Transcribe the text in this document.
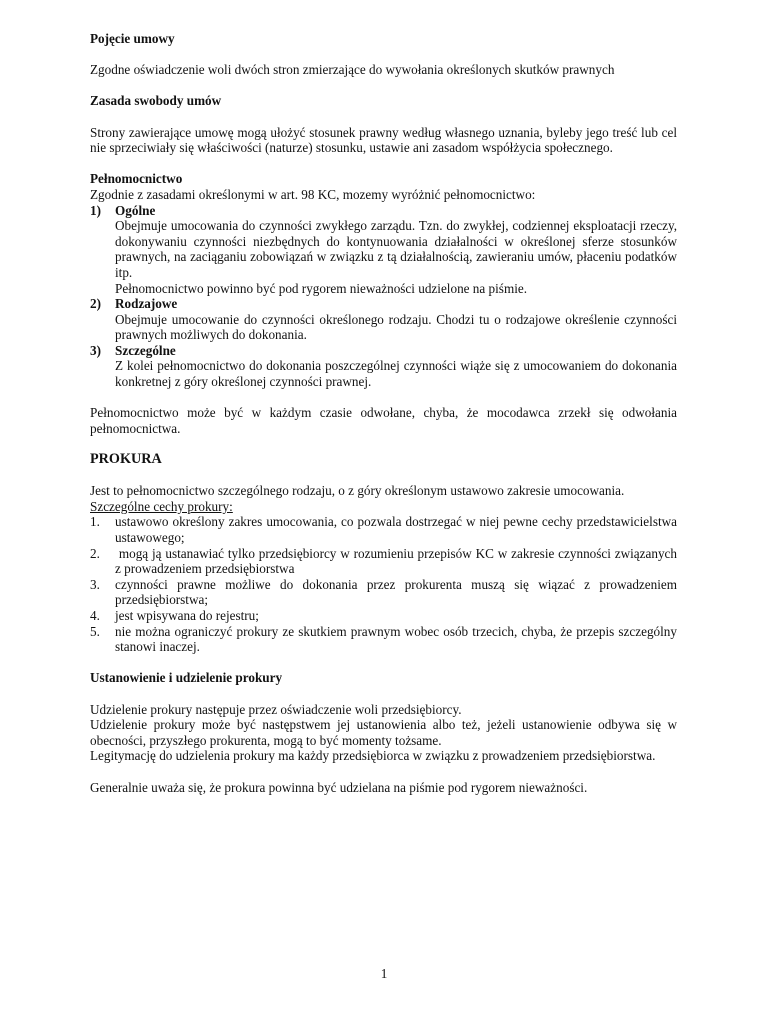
Pojęcie umowy

Zgodne oświadczenie woli dwóch stron zmierzające do wywołania określonych skutków prawnych

Zasada swobody umów

Strony zawierające umowę mogą ułożyć stosunek prawny według własnego uznania, byleby jego treść lub cel nie sprzeciwiały się właściwości (naturze) stosunku, ustawie ani zasadom współżycia społecznego.

Pełnomocnictwo

Zgodnie z zasadami określonymi w art. 98 KC, mozemy wyróżnić pełnomocnictwo:

1)	Ogólne

Obejmuje umocowania do czynności zwykłego zarządu. Tzn. do zwykłej, codziennej eksploatacji rzeczy, dokonywaniu czynności niezbędnych do kontynuowania działalności w określonej sferze stosunków prawnych, na zaciąganiu zobowiązań w związku z tą działalnością, zawieraniu umów, płaceniu podatków itp.

Pełnomocnictwo powinno być pod rygorem nieważności udzielone na piśmie.

2)	Rodzajowe

Obejmuje umocowanie do czynności określonego rodzaju. Chodzi tu o rodzajowe określenie czynności prawnych możliwych do dokonania.

3)	Szczególne

Z kolei pełnomocnictwo do dokonania poszczególnej czynności wiąże się z umocowaniem do dokonania konkretnej z góry określonej czynności prawnej.

Pełnomocnictwo może być w każdym czasie odwołane, chyba, że mocodawca zrzekł się odwołania pełnomocnictwa.

PROKURA

Jest to pełnomocnictwo szczególnego rodzaju, o z góry określonym ustawowo zakresie umocowania.

Szczególne cechy prokury:

1.	ustawowo określony zakres umocowania, co pozwala dostrzegać w niej pewne cechy przedstawicielstwa ustawowego;
2.	mogą ją ustanawiać tylko przedsiębiorcy w rozumieniu przepisów KC w zakresie czynności związanych z prowadzeniem przedsiębiorstwa
3.	czynności prawne możliwe do dokonania przez prokurenta muszą się wiązać z prowadzeniem przedsiębiorstwa;
4.	jest wpisywana do rejestru;
5.	nie można ograniczyć prokury ze skutkiem prawnym wobec osób trzecich, chyba, że przepis szczególny stanowi inaczej.

Ustanowienie i udzielenie prokury

Udzielenie prokury następuje przez oświadczenie woli przedsiębiorcy.

Udzielenie prokury może być następstwem jej ustanowienia albo też, jeżeli ustanowienie odbywa się w obecności, przyszłego prokurenta, mogą to być momenty tożsame.

Legitymację do udzielenia prokury ma każdy przedsiębiorca w związku z prowadzeniem przedsiębiorstwa.

Generalnie uważa się, że prokura powinna być udzielana na piśmie pod rygorem nieważności.

1
